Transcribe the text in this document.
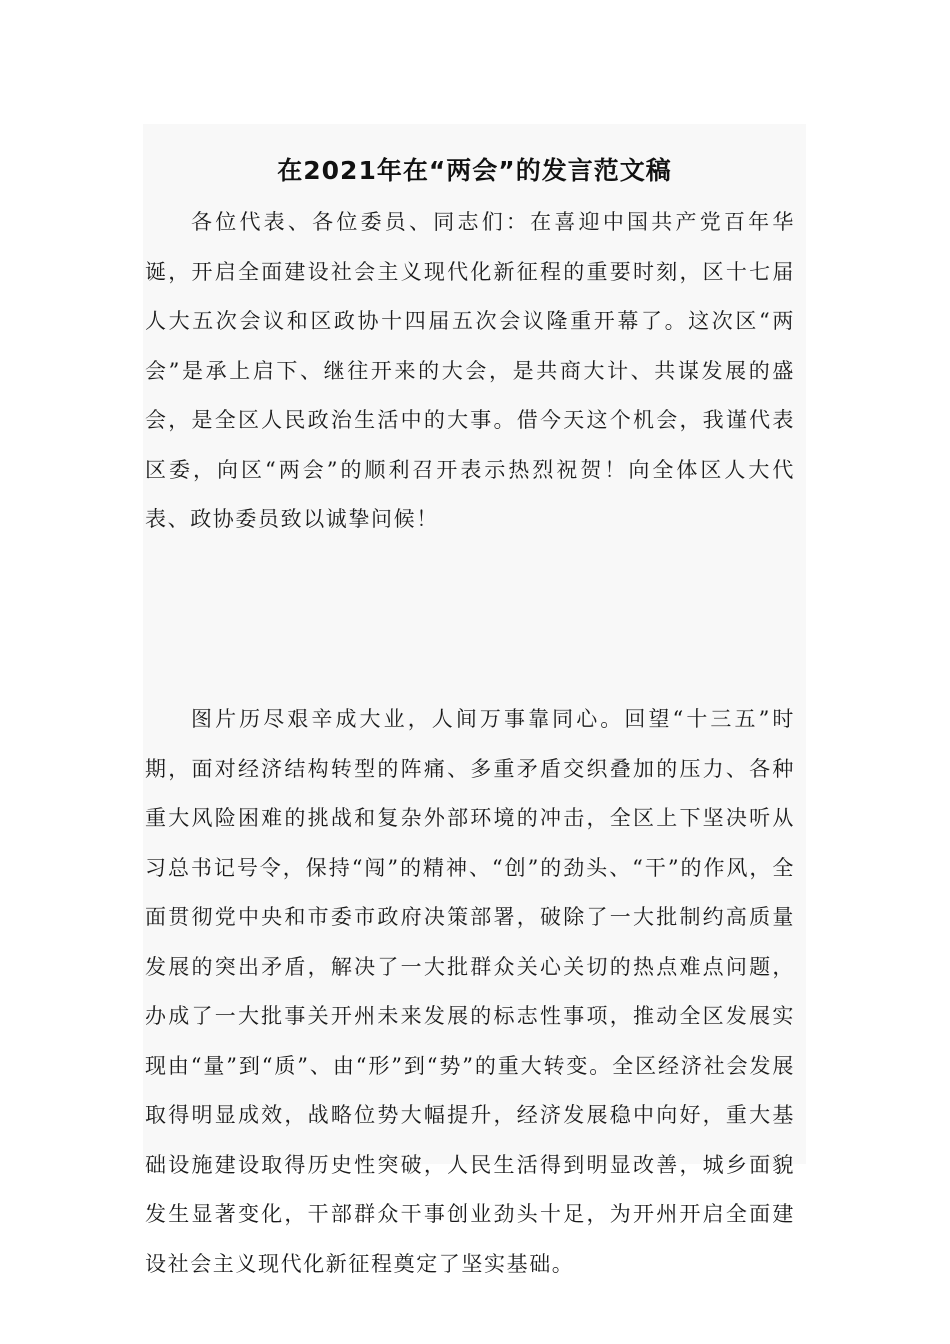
在2021年在“两会”的发言范文稿

各位代表、各位委员、同志们：在喜迎中国共产党百年华诞，开启全面建设社会主义现代化新征程的重要时刻，区十七届人大五次会议和区政协十四届五次会议隆重开幕了。这次区“两会”是承上启下、继往开来的大会，是共商大计、共谋发展的盛会，是全区人民政治生活中的大事。借今天这个机会，我谨代表区委，向区“两会”的顺利召开表示热烈祝贺！向全体区人大代表、政协委员致以诚挚问候！

图片历尽艰辛成大业，人间万事靠同心。回望“十三五”时期，面对经济结构转型的阵痛、多重矛盾交织叠加的压力、各种重大风险困难的挑战和复杂外部环境的冲击，全区上下坚决听从习总书记号令，保持“闯”的精神、“创”的劲头、“干”的作风，全面贯彻党中央和市委市政府决策部署，破除了一大批制约高质量发展的突出矛盾，解决了一大批群众关心关切的热点难点问题，办成了一大批事关开州未来发展的标志性事项，推动全区发展实现由“量”到“质”、由“形”到“势”的重大转变。全区经济社会发展取得明显成效，战略位势大幅提升，经济发展稳中向好，重大基础设施建设取得历史性突破，人民生活得到明显改善，城乡面貌发生显著变化，干部群众干事创业劲头十足，为开州开启全面建设社会主义现代化新征程奠定了坚实基础。
